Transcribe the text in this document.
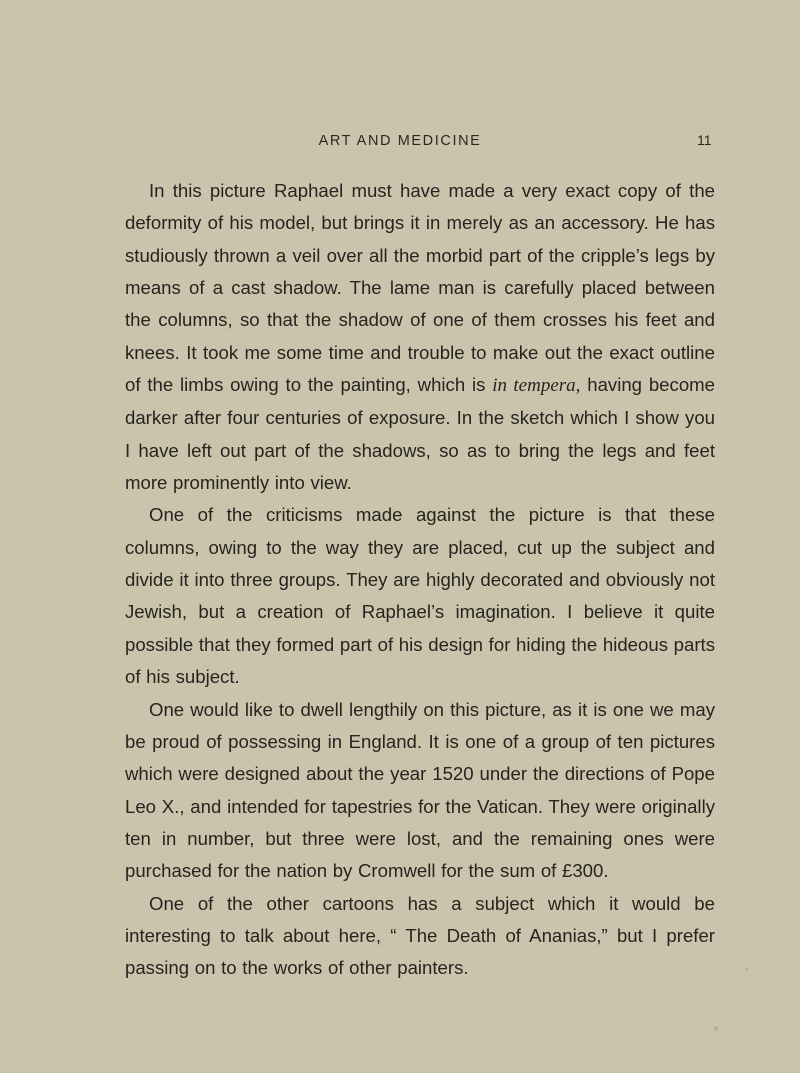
ART AND MEDICINE	11

In this picture Raphael must have made a very exact copy of the deformity of his model, but brings it in merely as an accessory. He has studiously thrown a veil over all the morbid part of the cripple’s legs by means of a cast shadow. The lame man is carefully placed between the columns, so that the shadow of one of them crosses his feet and knees. It took me some time and trouble to make out the exact outline of the limbs owing to the painting, which is in tempera, having become darker after four centuries of exposure. In the sketch which I show you I have left out part of the shadows, so as to bring the legs and feet more prominently into view.

One of the criticisms made against the picture is that these columns, owing to the way they are placed, cut up the subject and divide it into three groups. They are highly decorated and obviously not Jewish, but a creation of Raphael’s imagination. I believe it quite possible that they formed part of his design for hiding the hideous parts of his subject.

One would like to dwell lengthily on this picture, as it is one we may be proud of possessing in England. It is one of a group of ten pictures which were designed about the year 1520 under the directions of Pope Leo X., and intended for tapestries for the Vatican. They were originally ten in number, but three were lost, and the remaining ones were purchased for the nation by Cromwell for the sum of £300.

One of the other cartoons has a subject which it would be interesting to talk about here, “ The Death of Ananias,” but I prefer passing on to the works of other painters.
